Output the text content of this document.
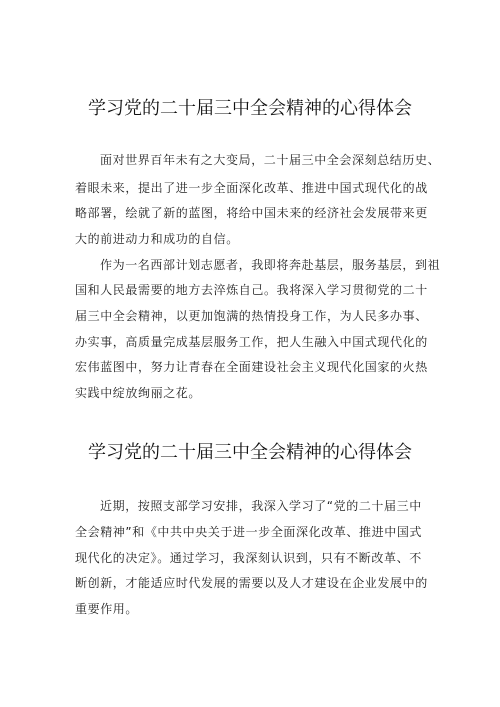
学习党的二十届三中全会精神的心得体会
面对世界百年未有之大变局，二十届三中全会深刻总结历史、
着眼未来，提出了进一步全面深化改革、推进中国式现代化的战
略部署，绘就了新的蓝图，将给中国未来的经济社会发展带来更
大的前进动力和成功的自信。
作为一名西部计划志愿者，我即将奔赴基层，服务基层，到祖
国和人民最需要的地方去淬炼自己。我将深入学习贯彻党的二十
届三中全会精神，以更加饱满的热情投身工作，为人民多办事、
办实事，高质量完成基层服务工作，把人生融入中国式现代化的
宏伟蓝图中，努力让青春在全面建设社会主义现代化国家的火热
实践中绽放绚丽之花。
学习党的二十届三中全会精神的心得体会
近期，按照支部学习安排，我深入学习了“党的二十届三中
全会精神”和《中共中央关于进一步全面深化改革、推进中国式
现代化的决定》。通过学习，我深刻认识到，只有不断改革、不
断创新，才能适应时代发展的需要以及人才建设在企业发展中的
重要作用。
